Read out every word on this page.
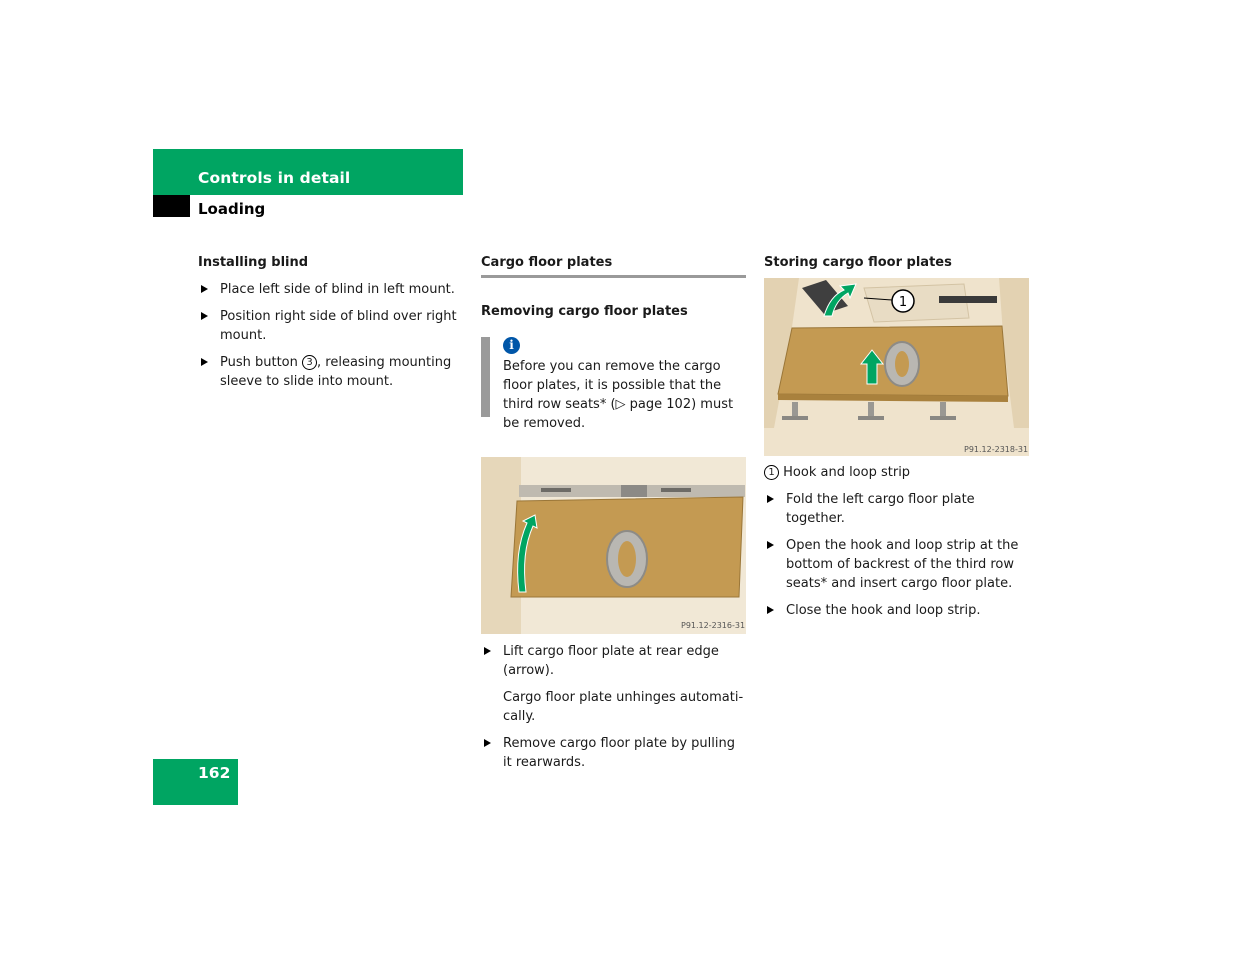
Controls in detail
Loading

Installing blind

Place left side of blind in left mount.
Position right side of blind over right mount.
Push button 3 , releasing mounting sleeve to slide into mount.

Cargo floor plates

Removing cargo floor plates

i
Before you can remove the cargo floor plates, it is possible that the third row seats* (▷ page 102) must be removed.
P91.12-2316-31
Lift cargo floor plate at rear edge (arrow).
Cargo floor plate unhinges automati-cally.
Remove cargo floor plate by pulling it rearwards.

Storing cargo floor plates

1
P91.12-2318-31
1 Hook and loop strip
Fold the left cargo floor plate together.
Open the hook and loop strip at the bottom of backrest of the third row seats* and insert cargo floor plate.
Close the hook and loop strip.
162
